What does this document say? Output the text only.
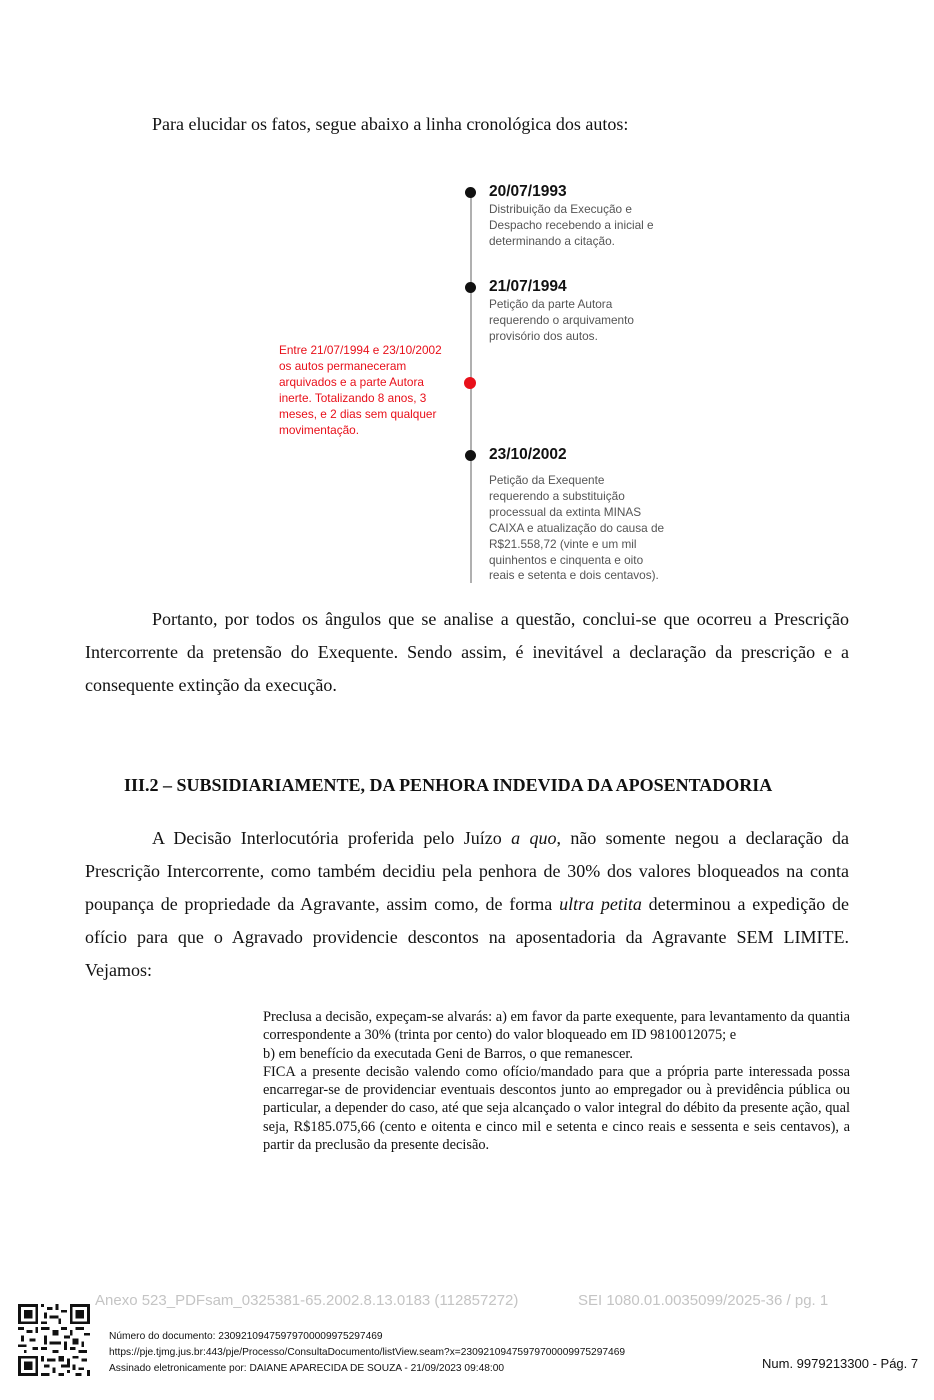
Para elucidar os fatos, segue abaixo a linha cronológica dos autos:
20/07/1993
Distribuição da Execução e
Despacho recebendo a inicial e
determinando a citação.
21/07/1994
Petição da parte Autora
requerendo o arquivamento
provisório dos autos.
Entre 21/07/1994 e 23/10/2002
os autos permaneceram
arquivados e a parte Autora
inerte. Totalizando 8 anos, 3
meses, e 2 dias sem qualquer
movimentação.
23/10/2002
Petição da Exequente
requerendo a substituição
processual da extinta MINAS
CAIXA e atualização do causa de
R$21.558,72 (vinte e um mil
quinhentos e cinquenta e oito
reais e setenta e dois centavos).
Portanto, por todos os ângulos que se analise a questão, conclui-se que ocorreu a Prescrição Intercorrente da pretensão do Exequente. Sendo assim, é inevitável a declaração da prescrição e a consequente extinção da execução.
III.2 – SUBSIDIARIAMENTE, DA PENHORA INDEVIDA DA APOSENTADORIA
A Decisão Interlocutória proferida pelo Juízo a quo, não somente negou a declaração da Prescrição Intercorrente, como também decidiu pela penhora de 30% dos valores bloqueados na conta poupança de propriedade da Agravante, assim como, de forma ultra petita determinou a expedição de ofício para que o Agravado providencie descontos na aposentadoria da Agravante SEM LIMITE. Vejamos:

Preclusa a decisão, expeçam-se alvarás: a) em favor da parte exequente, para levantamento da quantia correspondente a 30% (trinta por cento) do valor bloqueado em ID 9810012075; e

b) em benefício da executada Geni de Barros, o que remanescer.

FICA a presente decisão valendo como ofício/mandado para que a própria parte interessada possa encarregar-se de providenciar eventuais descontos junto ao empregador ou à previdência pública ou particular, a depender do caso, até que seja alcançado o valor integral do débito da presente ação, qual seja, R$185.075,66 (cento e oitenta e cinco mil e setenta e cinco reais e sessenta e seis centavos), a partir da preclusão da presente decisão.

Anexo 523_PDFsam_0325381-65.2002.8.13.0183 (112857272)	SEI 1080.01.0035099/2025-36 / pg. 1
Número do documento: 23092109475979700009975297469
https://pje.tjmg.jus.br:443/pje/Processo/ConsultaDocumento/listView.seam?x=23092109475979700009975297469
Assinado eletronicamente por: DAIANE APARECIDA DE SOUZA - 21/09/2023 09:48:00	Num. 9979213300 - Pág. 7
